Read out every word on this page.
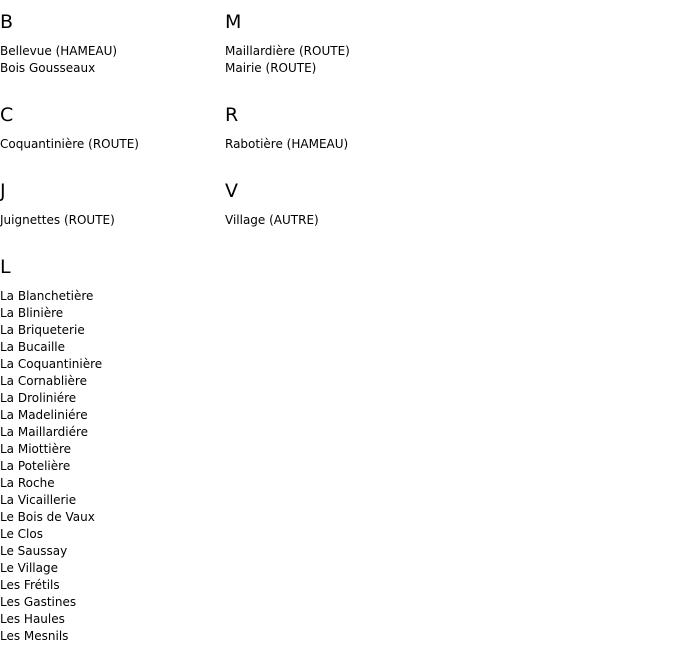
B
Bellevue (HAMEAU)
Bois Gousseaux
C
Coquantinière (ROUTE)
J
Juignettes (ROUTE)
L
La Blanchetière
La Blinière
La Briqueterie
La Bucaille
La Coquantinière
La Cornablière
La Droliniére
La Madeliniére
La Maillardiére
La Miottière
La Potelière
La Roche
La Vicaillerie
Le Bois de Vaux
Le Clos
Le Saussay
Le Village
Les Frétils
Les Gastines
Les Haules
Les Mesnils
M
Maillardière (ROUTE)
Mairie (ROUTE)
R
Rabotière (HAMEAU)
V
Village (AUTRE)
